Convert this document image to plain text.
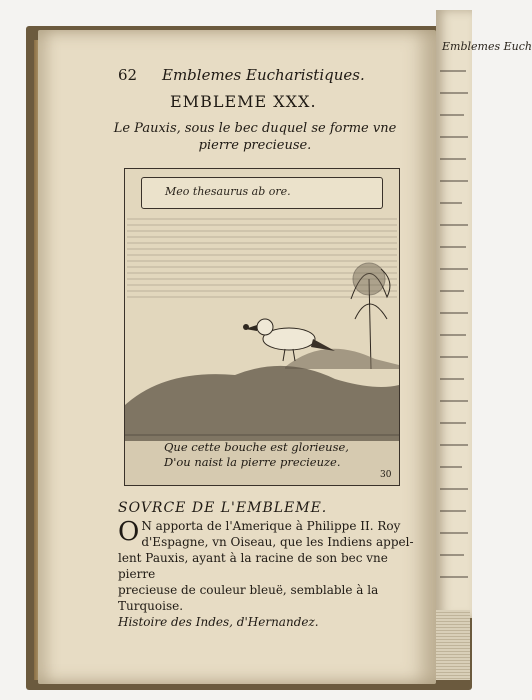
Emblemes Euch
62 Emblemes Eucharistiques.
EMBLEME XXX.
Le Pauxis, sous le bec duquel se forme vne
pierre precieuse.
Meo thesaurus ab ore.
Que cette bouche est glorieuse,
D'ou naist la pierre precieuze.
30
SOVRCE DE L'EMBLEME.
O N apporta de l'Amerique à Philippe II. Roy
d'Espagne, vn Oiseau, que les Indiens appel-
lent Pauxis, ayant à la racine de son bec vne pierre
precieuse de couleur bleuë, semblable à la Turquoise.
Histoire des Indes, d'Hernandez.
